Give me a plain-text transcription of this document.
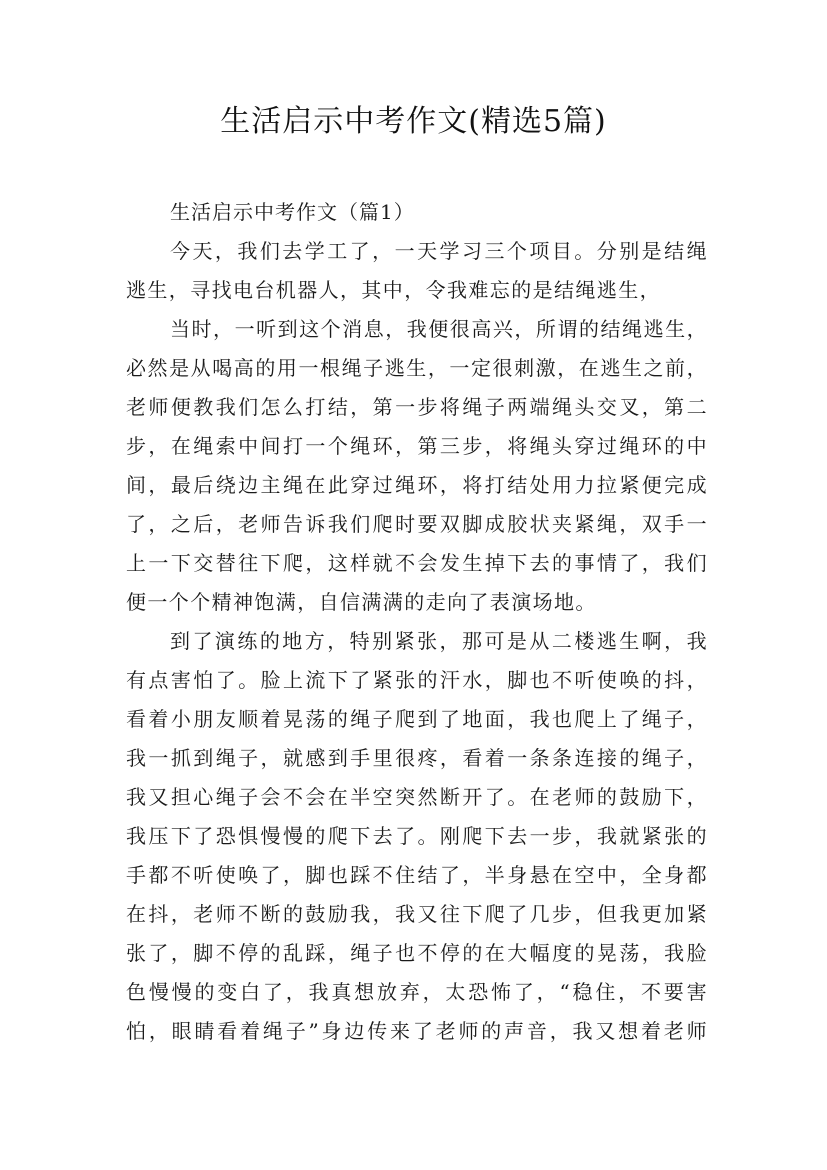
生活启示中考作文(精选5篇)

生活启示中考作文（篇1）

今天，我们去学工了，一天学习三个项目。分别是结绳

逃生，寻找电台机器人，其中，令我难忘的是结绳逃生，

当时，一听到这个消息，我便很高兴，所谓的结绳逃生，

必然是从喝高的用一根绳子逃生，一定很刺激，在逃生之前，

老师便教我们怎么打结，第一步将绳子两端绳头交叉，第二

步，在绳索中间打一个绳环，第三步，将绳头穿过绳环的中

间，最后绕边主绳在此穿过绳环，将打结处用力拉紧便完成

了，之后，老师告诉我们爬时要双脚成胶状夹紧绳，双手一

上一下交替往下爬，这样就不会发生掉下去的事情了，我们

便一个个精神饱满，自信满满的走向了表演场地。

到了演练的地方，特别紧张，那可是从二楼逃生啊，我

有点害怕了。脸上流下了紧张的汗水，脚也不听使唤的抖，

看着小朋友顺着晃荡的绳子爬到了地面，我也爬上了绳子，

我一抓到绳子，就感到手里很疼，看着一条条连接的绳子，

我又担心绳子会不会在半空突然断开了。在老师的鼓励下，

我压下了恐惧慢慢的爬下去了。刚爬下去一步，我就紧张的

手都不听使唤了，脚也踩不住结了，半身悬在空中，全身都

在抖，老师不断的鼓励我，我又往下爬了几步，但我更加紧

张了，脚不停的乱踩，绳子也不停的在大幅度的晃荡，我脸

色慢慢的变白了，我真想放弃，太恐怖了，“稳住，不要害

怕，眼睛看着绳子”身边传来了老师的声音，我又想着老师
